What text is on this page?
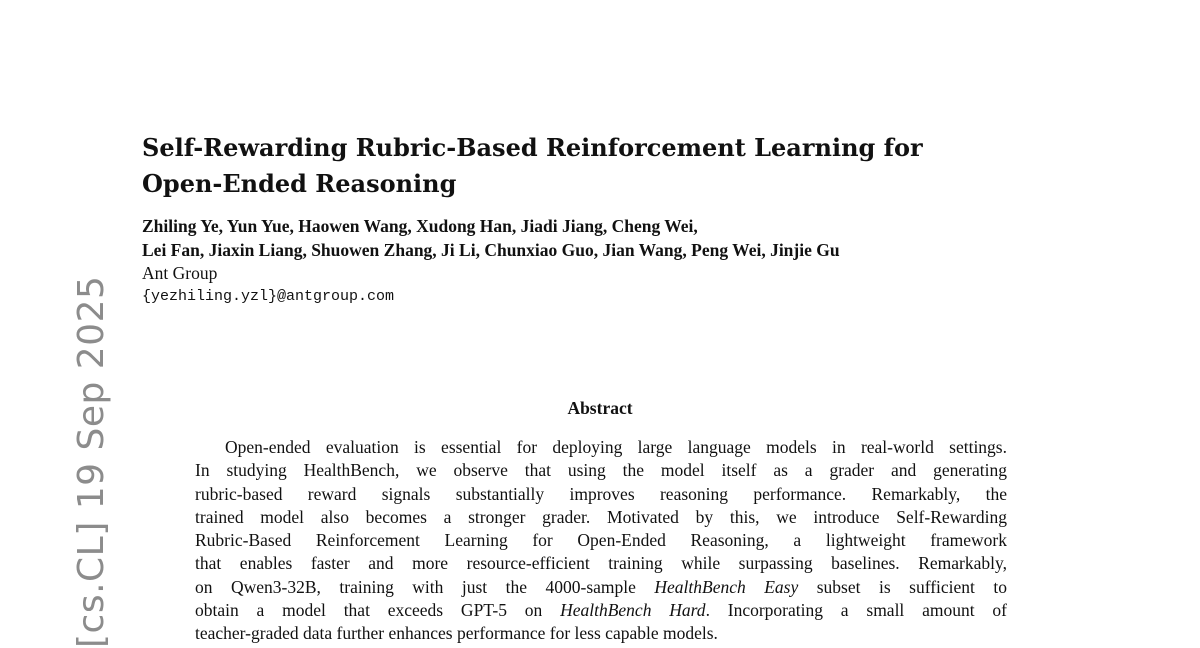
[cs.CL] 19 Sep 2025
Self-Rewarding Rubric-Based Reinforcement Learning for
Open-Ended Reasoning
Zhiling Ye, Yun Yue, Haowen Wang, Xudong Han, Jiadi Jiang, Cheng Wei,
Lei Fan, Jiaxin Liang, Shuowen Zhang, Ji Li, Chunxiao Guo, Jian Wang, Peng Wei, Jinjie Gu
Ant Group
{yezhiling.yzl}@antgroup.com
Abstract
Open-ended evaluation is essential for deploying large language models in real-world settings.
In studying HealthBench, we observe that using the model itself as a grader and generating
rubric-based reward signals substantially improves reasoning performance. Remarkably, the
trained model also becomes a stronger grader. Motivated by this, we introduce Self-Rewarding
Rubric-Based Reinforcement Learning for Open-Ended Reasoning, a lightweight framework
that enables faster and more resource-efficient training while surpassing baselines. Remarkably,
on Qwen3-32B, training with just the 4000-sample HealthBench Easy subset is sufficient to
obtain a model that exceeds GPT-5 on HealthBench Hard. Incorporating a small amount of
teacher-graded data further enhances performance for less capable models.
